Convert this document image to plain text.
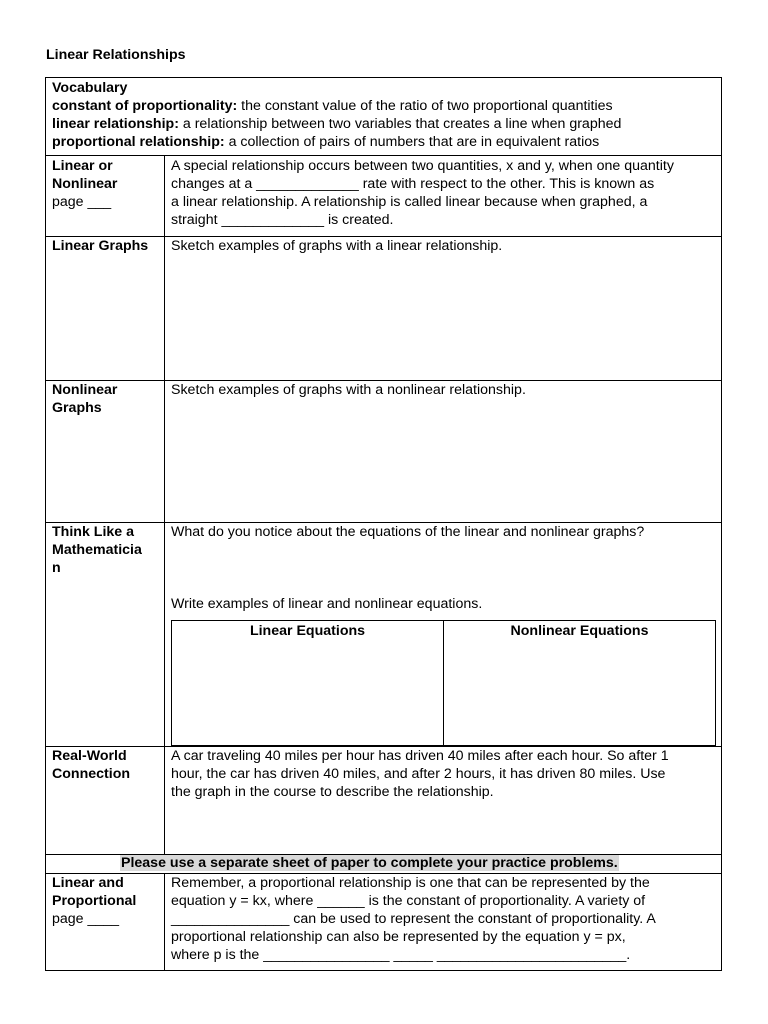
Linear Relationships
Vocabulary
constant of proportionality: the constant value of the ratio of two proportional quantities
linear relationship: a relationship between two variables that creates a line when graphed
proportional relationship: a collection of pairs of numbers that are in equivalent ratios
Linear or
Nonlinear
page ___
A special relationship occurs between two quantities, x and y, when one quantity
changes at a _____________ rate with respect to the other. This is known as
a linear relationship. A relationship is called linear because when graphed, a
straight _____________ is created.
Linear Graphs	Sketch examples of graphs with a linear relationship.
Nonlinear
Graphs
Sketch examples of graphs with a nonlinear relationship.
Think Like a
Mathematicia
n
What do you notice about the equations of the linear and nonlinear graphs?
Write examples of linear and nonlinear equations.
Linear Equations	Nonlinear Equations
Real-World
Connection
A car traveling 40 miles per hour has driven 40 miles after each hour. So after 1
hour, the car has driven 40 miles, and after 2 hours, it has driven 80 miles. Use
the graph in the course to describe the relationship.
Please use a separate sheet of paper to complete your practice problems.
Linear and
Proportional
page ____
Remember, a proportional relationship is one that can be represented by the
equation y = kx, where ______ is the constant of proportionality. A variety of
_______________ can be used to represent the constant of proportionality. A
proportional relationship can also be represented by the equation y = px,
where p is the ________________ _____ ________________________.
